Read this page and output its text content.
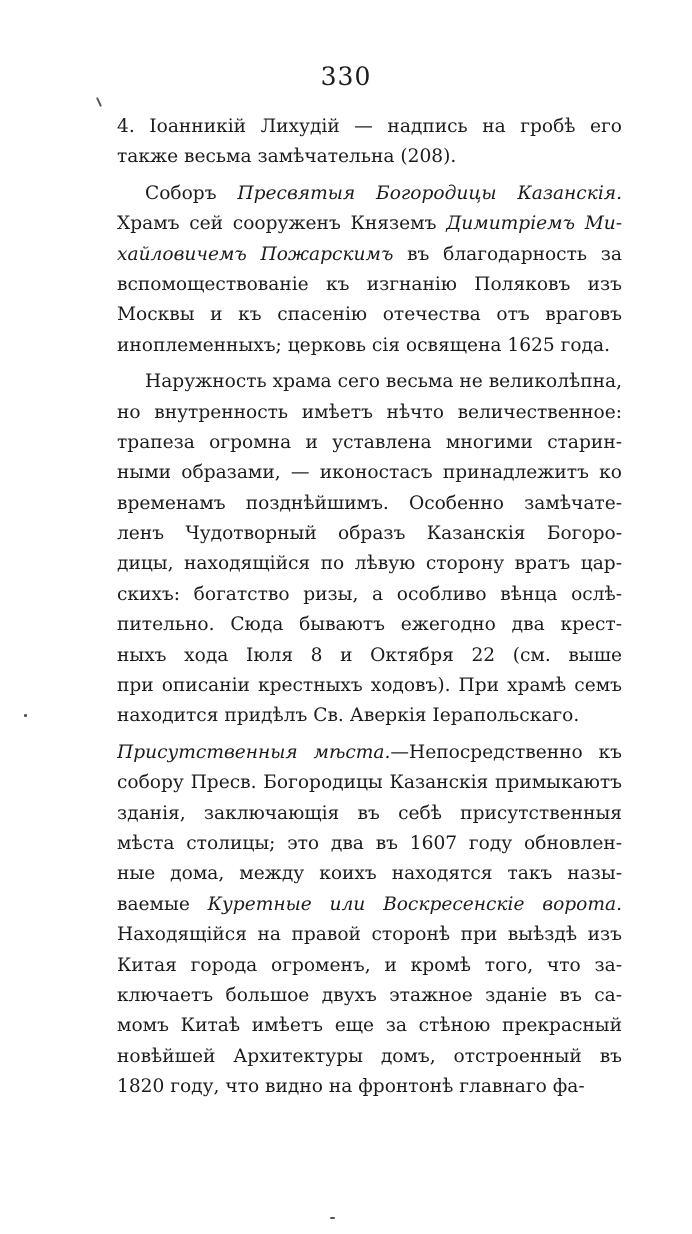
330
4. Іоанникій Лихудій — надпись на гробѣ его
также весьма замѣчательна (208).
Соборъ Пресвятыя Богородицы Казанскія.
Храмъ сей сооруженъ Княземъ Димитріемъ Ми-
хайловичемъ Пожарскимъ въ благодарность за
вспомоществованіе къ изгнанію Поляковъ изъ
Москвы и къ спасенію отечества отъ враговъ
иноплеменныхъ; церковь сія освящена 1625 года.
Наружность храма сего весьма не великолѣпна,
но внутренность имѣетъ нѣчто величественное:
трапеза огромна и уставлена многими старин-
ными образами, — иконостасъ принадлежитъ ко
временамъ позднѣйшимъ. Особенно замѣчате-
ленъ Чудотворный образъ Казанскія Богоро-
дицы, находящійся по лѣвую сторону вратъ цар-
скихъ: богатство ризы, а особливо вѣнца ослѣ-
пительно. Сюда бываютъ ежегодно два крест-
ныхъ хода Іюля 8 и Октября 22 (см. выше
при описаніи крестныхъ ходовъ). При храмѣ семъ
находится придѣлъ Св. Аверкія Іерапольскаго.
Присутственныя мѣста.—Непосредственно къ
собору Пресв. Богородицы Казанскія примыкаютъ
зданія, заключающія въ себѣ присутственныя
мѣста столицы; это два въ 1607 году обновлен-
ные дома, между коихъ находятся такъ назы-
ваемые Куретные или Воскресенскіе ворота.
Находящійся на правой сторонѣ при выѣздѣ изъ
Китая города огроменъ, и кромѣ того, что за-
ключаетъ большое двухъ этажное зданіе въ са-
момъ Китаѣ имѣетъ еще за стѣною прекрасный
новѣйшей Архитектуры домъ, отстроенный въ
1820 году, что видно на фронтонѣ главнаго фа-
